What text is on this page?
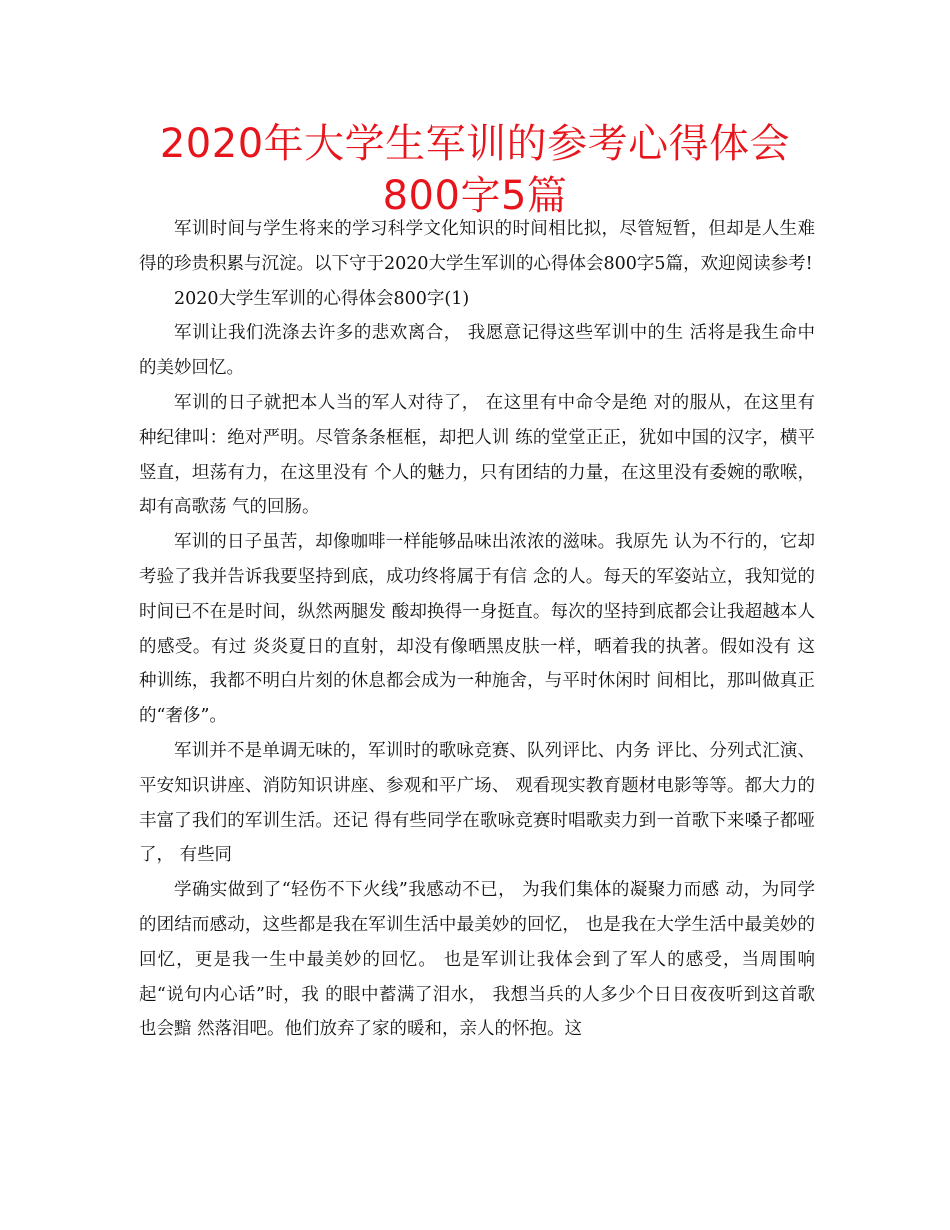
2020年大学生军训的参考心得体会800字5篇

军训时间与学生将来的学习科学文化知识的时间相比拟，尽管短暂，但却是人生难得的珍贵积累与沉淀。以下守于2020大学生军训的心得体会800字5篇，欢迎阅读参考!

2020大学生军训的心得体会800字(1)

军训让我们洗涤去许多的悲欢离合， 我愿意记得这些军训中的生 活将是我生命中的美妙回忆。

军训的日子就把本人当的军人对待了， 在这里有中命令是绝 对的服从，在这里有种纪律叫：绝对严明。尽管条条框框，却把人训 练的堂堂正正，犹如中国的汉字，横平竖直，坦荡有力，在这里没有 个人的魅力，只有团结的力量，在这里没有委婉的歌喉，却有高歌荡 气的回肠。

军训的日子虽苦，却像咖啡一样能够品味出浓浓的滋味。我原先 认为不行的，它却考验了我并告诉我要坚持到底，成功终将属于有信 念的人。每天的军姿站立，我知觉的时间已不在是时间，纵然两腿发 酸却换得一身挺直。每次的坚持到底都会让我超越本人的感受。有过 炎炎夏日的直射，却没有像晒黑皮肤一样，晒着我的执著。假如没有 这种训练，我都不明白片刻的休息都会成为一种施舍，与平时休闲时 间相比，那叫做真正的“奢侈”。

军训并不是单调无味的，军训时的歌咏竞赛、队列评比、内务 评比、分列式汇演、平安知识讲座、消防知识讲座、参观和平广场、 观看现实教育题材电影等等。都大力的丰富了我们的军训生活。还记 得有些同学在歌咏竞赛时唱歌卖力到一首歌下来嗓子都哑了， 有些同

学确实做到了“轻伤不下火线”我感动不已， 为我们集体的凝聚力而感 动，为同学的团结而感动，这些都是我在军训生活中最美妙的回忆， 也是我在大学生活中最美妙的回忆，更是我一生中最美妙的回忆。 也是军训让我体会到了军人的感受，当周围响起“说句内心话”时，我 的眼中蓄满了泪水， 我想当兵的人多少个日日夜夜听到这首歌也会黯 然落泪吧。他们放弃了家的暖和，亲人的怀抱。这
